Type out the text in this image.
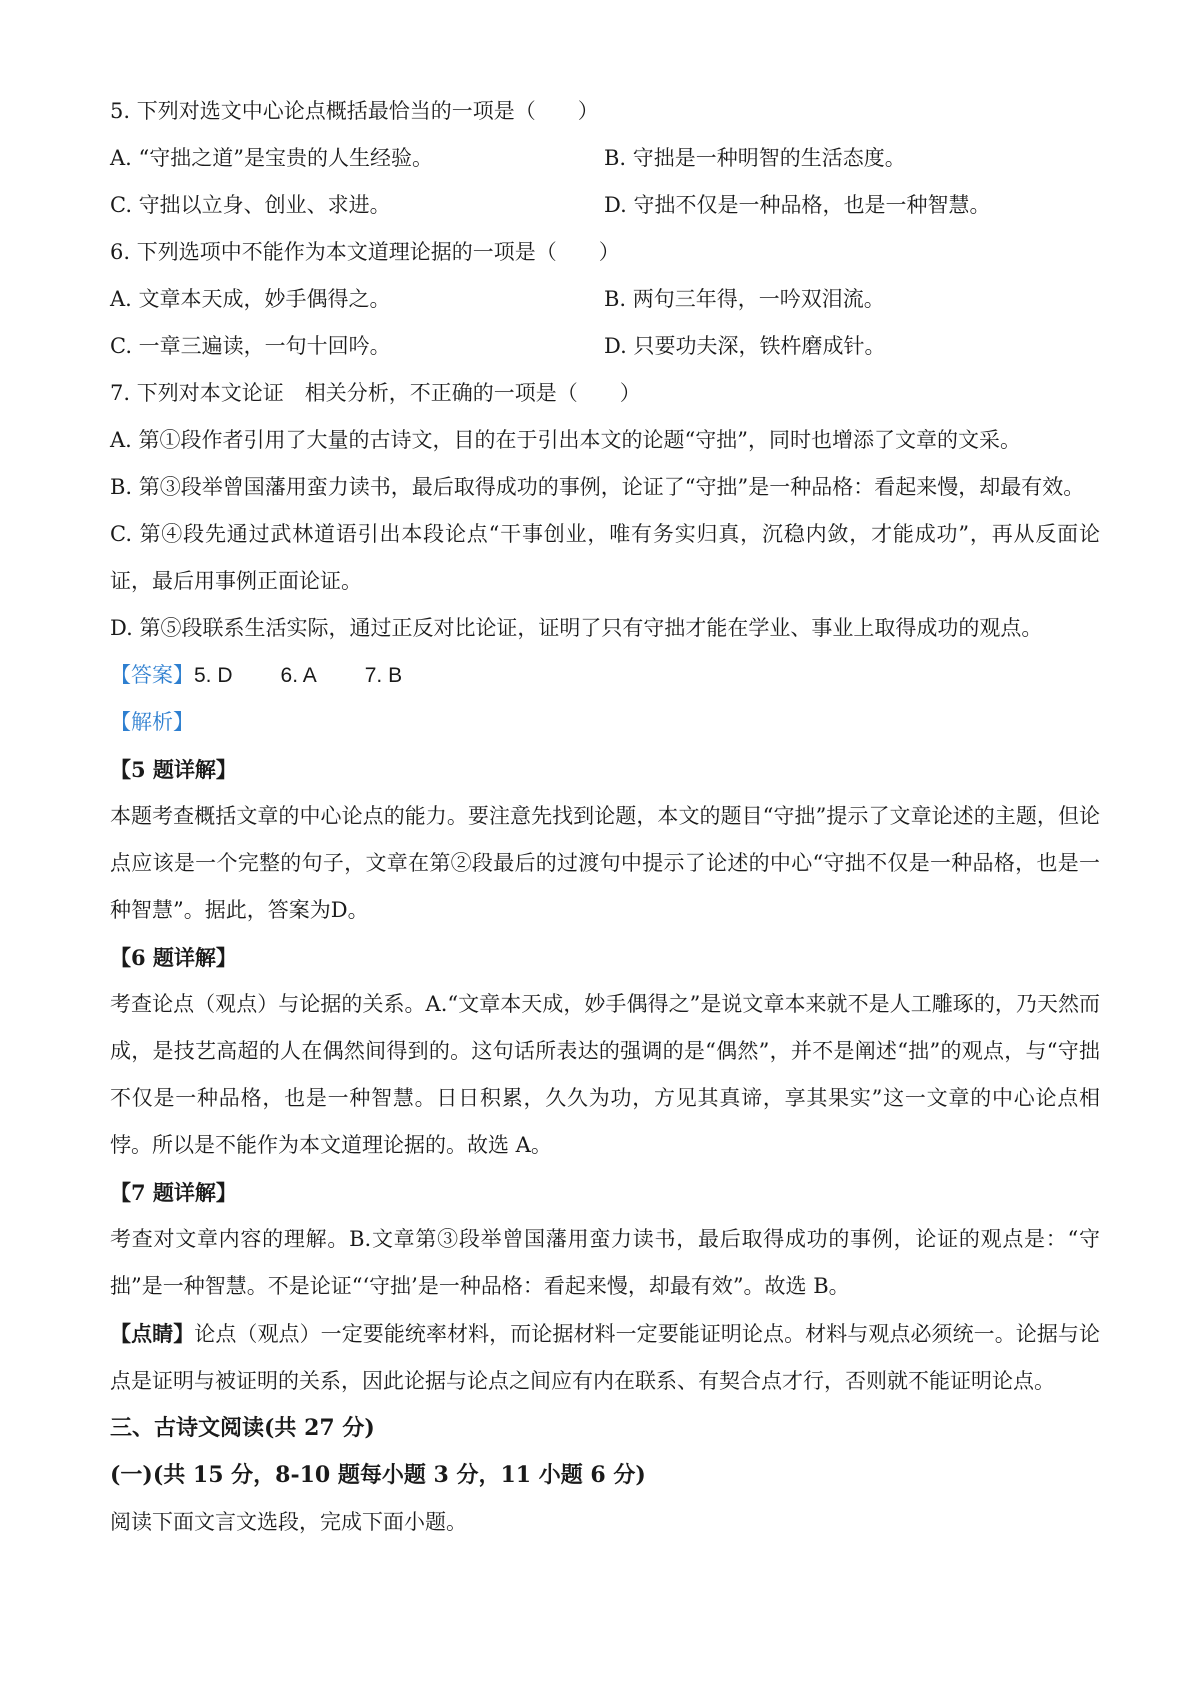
5. 下列对选文中心论点概括最恰当的一项是（　　）
A. “守拙之道”是宝贵的人生经验。	B. 守拙是一种明智的生活态度。
C. 守拙以立身、创业、求进。	D. 守拙不仅是一种品格，也是一种智慧。
6. 下列选项中不能作为本文道理论据的一项是（　　）
A. 文章本天成，妙手偶得之。	B. 两句三年得，一吟双泪流。
C. 一章三遍读，一句十回吟。	D. 只要功夫深，铁杵磨成针。
7. 下列对本文论证　相关分析，不正确的一项是（　　）
A. 第①段作者引用了大量的古诗文，目的在于引出本文的论题“守拙”，同时也增添了文章的文采。
B. 第③段举曾国藩用蛮力读书，最后取得成功的事例，论证了“守拙”是一种品格：看起来慢，却最有效。
C. 第④段先通过武林道语引出本段论点“干事创业，唯有务实归真，沉稳内敛，才能成功”，再从反面论证，最后用事例正面论证。
D. 第⑤段联系生活实际，通过正反对比论证，证明了只有守拙才能在学业、事业上取得成功的观点。
【答案】5. D 6. A 7. B
【解析】
【5 题详解】
本题考查概括文章的中心论点的能力。要注意先找到论题，本文的题目“守拙”提示了文章论述的主题，但论点应该是一个完整的句子，文章在第②段最后的过渡句中提示了论述的中心“守拙不仅是一种品格，也是一种智慧”。据此，答案为D。
【6 题详解】
考查论点（观点）与论据的关系。A.“文章本天成，妙手偶得之”是说文章本来就不是人工雕琢的，乃天然而成，是技艺高超的人在偶然间得到的。这句话所表达的强调的是“偶然”，并不是阐述“拙”的观点，与“守拙不仅是一种品格，也是一种智慧。日日积累，久久为功，方见其真谛，享其果实”这一文章的中心论点相悖。所以是不能作为本文道理论据的。故选 A。
【7 题详解】
考查对文章内容的理解。B.文章第③段举曾国藩用蛮力读书，最后取得成功的事例，论证的观点是：“守拙”是一种智慧。不是论证“‘守拙’是一种品格：看起来慢，却最有效”。故选 B。
【点睛】论点（观点）一定要能统率材料，而论据材料一定要能证明论点。材料与观点必须统一。论据与论点是证明与被证明的关系，因此论据与论点之间应有内在联系、有契合点才行，否则就不能证明论点。
三、古诗文阅读(共 27 分)
(一)(共 15 分，8-10 题每小题 3 分，11 小题 6 分)
阅读下面文言文选段，完成下面小题。
